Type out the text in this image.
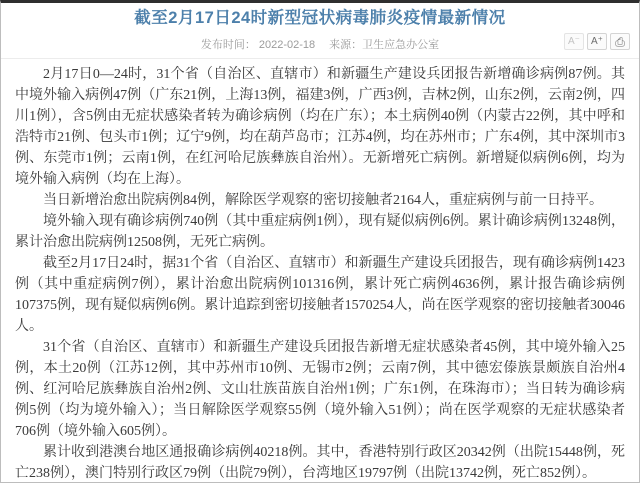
截至2月17日24时新型冠状病毒肺炎疫情最新情况
发布时间： 2022-02-18 来源：卫生应急办公室	A⁻	A⁺	⎙

2月17日0—24时，31个省（自治区、直辖市）和新疆生产建设兵团报告新增确诊病例87例。其中境外输入病例47例（广东21例，上海13例，福建3例，广西3例，吉林2例，山东2例，云南2例，四川1例），含5例由无症状感染者转为确诊病例（均在广东）；本土病例40例（内蒙古22例，其中呼和浩特市21例、包头市1例；辽宁9例，均在葫芦岛市；江苏4例，均在苏州市；广东4例，其中深圳市3例、东莞市1例；云南1例，在红河哈尼族彝族自治州）。无新增死亡病例。新增疑似病例6例，均为境外输入病例（均在上海）。

当日新增治愈出院病例84例，解除医学观察的密切接触者2164人，重症病例与前一日持平。

境外输入现有确诊病例740例（其中重症病例1例），现有疑似病例6例。累计确诊病例13248例，累计治愈出院病例12508例，无死亡病例。

截至2月17日24时，据31个省（自治区、直辖市）和新疆生产建设兵团报告，现有确诊病例1423例（其中重症病例7例），累计治愈出院病例101316例，累计死亡病例4636例，累计报告确诊病例107375例，现有疑似病例6例。累计追踪到密切接触者1570254人，尚在医学观察的密切接触者30046人。

31个省（自治区、直辖市）和新疆生产建设兵团报告新增无症状感染者45例，其中境外输入25例，本土20例（江苏12例，其中苏州市10例、无锡市2例；云南7例，其中德宏傣族景颇族自治州4例、红河哈尼族彝族自治州2例、文山壮族苗族自治州1例；广东1例，在珠海市）；当日转为确诊病例5例（均为境外输入）；当日解除医学观察55例（境外输入51例）；尚在医学观察的无症状感染者706例（境外输入605例）。

累计收到港澳台地区通报确诊病例40218例。其中，香港特别行政区20342例（出院15448例，死亡238例），澳门特别行政区79例（出院79例），台湾地区19797例（出院13742例，死亡852例）。
